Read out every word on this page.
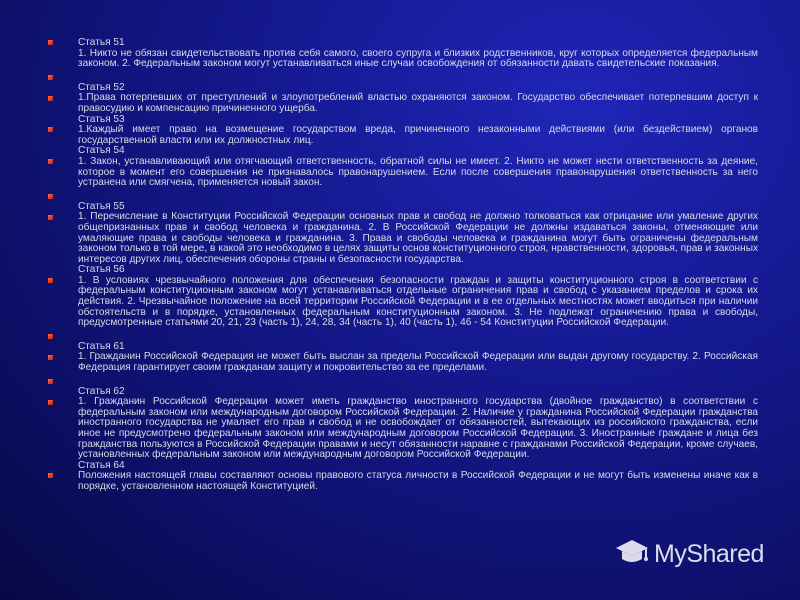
Статья 51
1. Никто не обязан свидетельствовать против себя самого, своего супруга и близких родственников, круг которых определяется федеральным законом. 2. Федеральным законом могут устанавливаться иные случаи освобождения от обязанности давать свидетельские показания.
Статья 52
1.Права потерпевших от преступлений и злоупотреблений властью охраняются законом. Государство обеспечивает потерпевшим доступ к правосудию и компенсацию причиненного ущерба.
Статья 53
1.Каждый имеет право на возмещение государством вреда, причиненного незаконными действиями (или бездействием) органов государственной власти или их должностных лиц.
Статья 54
1. Закон, устанавливающий или отягчающий ответственность, обратной силы не имеет. 2. Никто не может нести ответственность за деяние, которое в момент его совершения не признавалось правонарушением. Если после совершения правонарушения ответственность за него устранена или смягчена, применяется новый закон.
Статья 55
1. Перечисление в Конституции Российской Федерации основных прав и свобод не должно толковаться как отрицание или умаление других общепризнанных прав и свобод человека и гражданина. 2. В Российской Федерации не должны издаваться законы, отменяющие или умаляющие права и свободы человека и гражданина. 3. Права и свободы человека и гражданина могут быть ограничены федеральным законом только в той мере, в какой это необходимо в целях защиты основ конституционного строя, нравственности, здоровья, прав и законных интересов других лиц, обеспечения обороны страны и безопасности государства.
Статья 56
1. В условиях чрезвычайного положения для обеспечения безопасности граждан и защиты конституционного строя в соответствии с федеральным конституционным законом могут устанавливаться отдельные ограничения прав и свобод с указанием пределов и срока их действия. 2. Чрезвычайное положение на всей территории Российской Федерации и в ее отдельных местностях может вводиться при наличии обстоятельств и в порядке, установленных федеральным конституционным законом. 3. Не подлежат ограничению права и свободы, предусмотренные статьями 20, 21, 23 (часть 1), 24, 28, 34 (часть 1), 40 (часть 1), 46 - 54 Конституции Российской Федерации.
Статья 61
1. Гражданин Российской Федерация не может быть выслан за пределы Российской Федерации или выдан другому государству. 2. Российская Федерация гарантирует своим гражданам защиту и покровительство за ее пределами.
Статья 62
1. Гражданин Российской Федерации может иметь гражданство иностранного государства (двойное гражданство) в соответствии с федеральным законом или международным договором Российской Федерации. 2. Наличие у гражданина Российской Федерации гражданства иностранного государства не умаляет его прав и свобод и не освобождает от обязанностей, вытекающих из российского гражданства, если иное не предусмотрено федеральным законом или международным договором Российской Федерации. 3. Иностранные граждане и лица без гражданства пользуются в Российской Федерации правами и несут обязанности наравне с гражданами Российской Федерации, кроме случаев, установленных федеральным законом или международным договором Российской Федерации.
Статья 64
Положения настоящей главы составляют основы правового статуса личности в Российской Федерации и не могут быть изменены иначе как в порядке, установленном настоящей Конституцией.
MyShared
